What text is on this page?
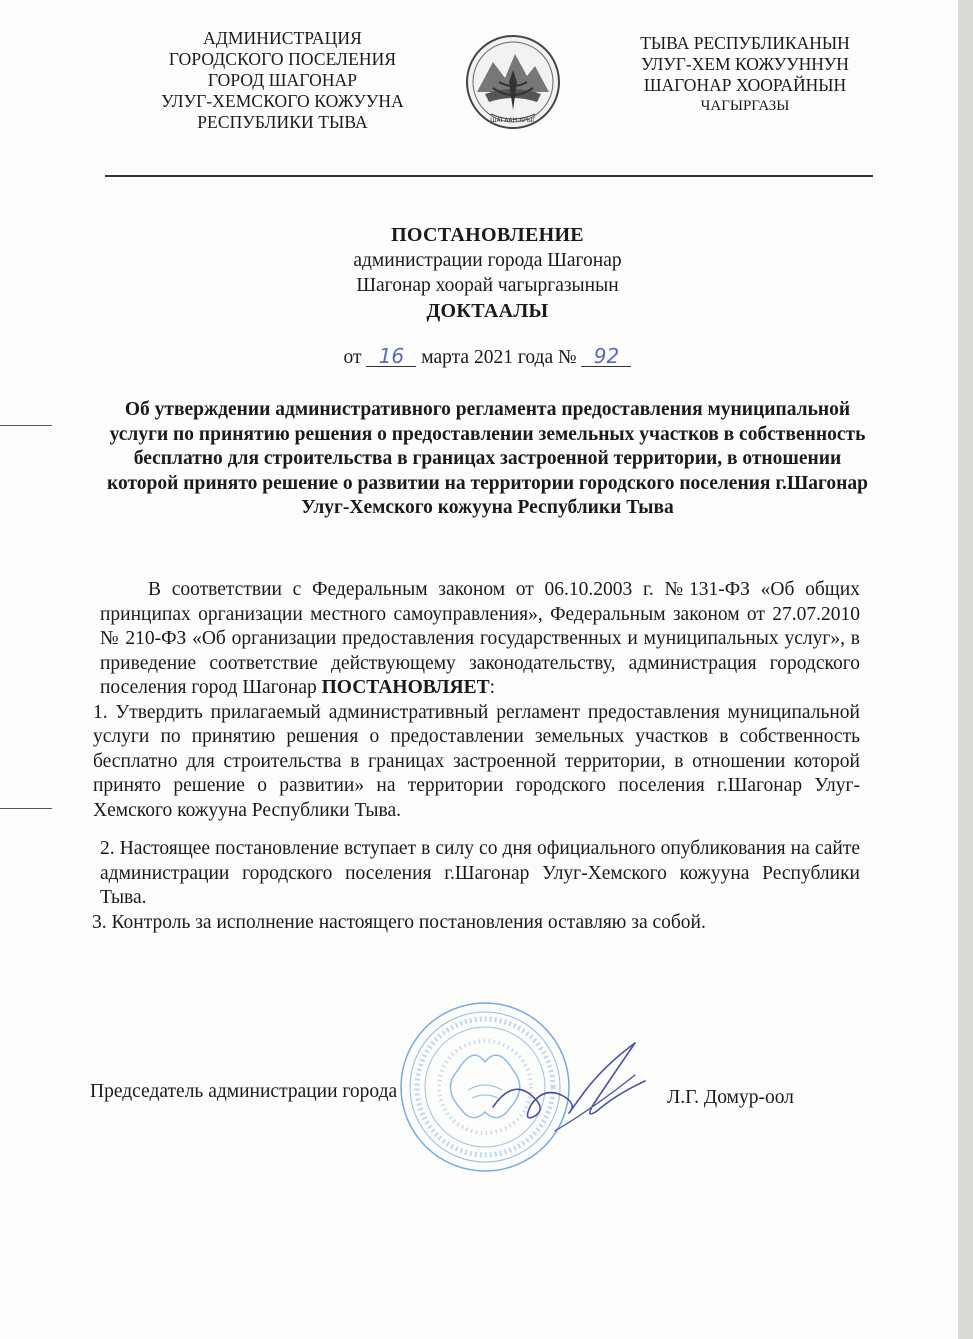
АДМИНИСТРАЦИЯ
ГОРОДСКОГО ПОСЕЛЕНИЯ
ГОРОД ШАГОНАР
УЛУГ-ХЕМСКОГО КОЖУУНА
РЕСПУБЛИКИ ТЫВА	ШАГААН-АРЫГ
ТЫВА РЕСПУБЛИКАНЫН
УЛУГ-ХЕМ КОЖУУННУН
ШАГОНАР ХООРАЙНЫН
ЧАГЫРГАЗЫ
ПОСТАНОВЛЕНИЕ
администрации города Шагонар
Шагонар хоорай чагыргазынын
ДОКТААЛЫ
от 16 марта 2021 года № 92
Об утверждении административного регламента предоставления муниципальной услуги по принятию решения о предоставлении земельных участков в собственность бесплатно для строительства в границах застроенной территории, в отношении которой принято решение о развитии на территории городского поселения г.Шагонар Улуг-Хемского кожууна Республики Тыва

В соответствии с Федеральным законом от 06.10.2003 г. №131-ФЗ «Об общих принципах организации местного самоуправления», Федеральным законом от 27.07.2010 № 210-ФЗ «Об организации предоставления государственных и муниципальных услуг», в приведение соответствие действующему законодательству, администрация городского поселения город Шагонар ПОСТАНОВЛЯЕТ:

1. Утвердить прилагаемый административный регламент предоставления муниципальной услуги по принятию решения о предоставлении земельных участков в собственность бесплатно для строительства в границах застроенной территории, в отношении которой принято решение о развитии» на территории городского поселения г.Шагонар Улуг-Хемского кожууна Республики Тыва.

2. Настоящее постановление вступает в силу со дня официального опубликования на сайте администрации городского поселения г.Шагонар Улуг-Хемского кожууна Республики Тыва.

3. Контроль за исполнение настоящего постановления оставляю за собой.

Председатель администрации города	Л.Г. Домур-оол
